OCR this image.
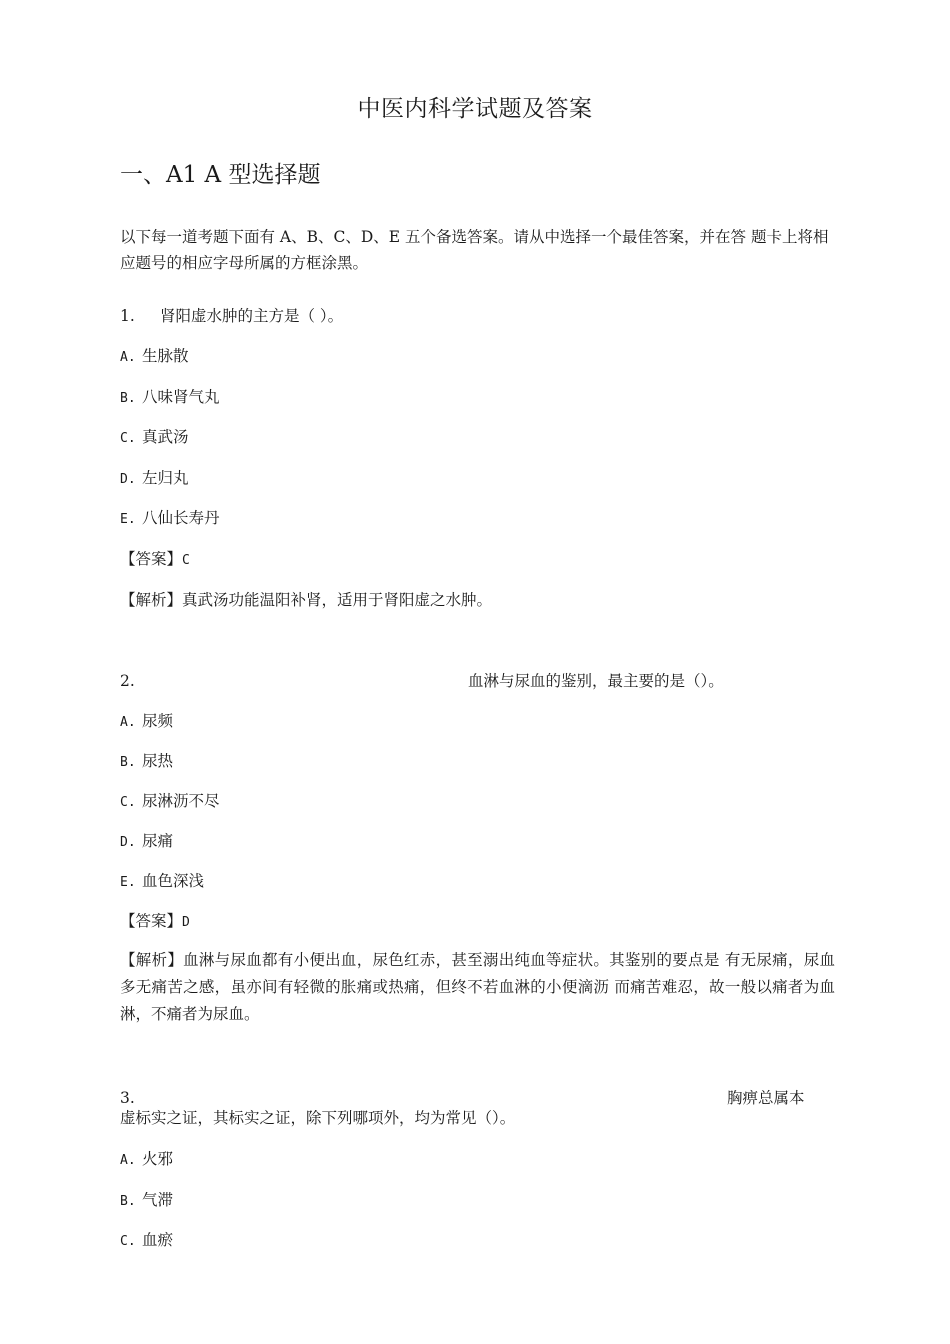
中医内科学试题及答案
一、A1 A 型选择题
以下每一道考题下面有 A、B、C、D、E 五个备选答案。请从中选择一个最佳答案，并在答 题卡上将相应题号的相应字母所属的方框涂黑。
1. 肾阳虚水肿的主方是（ ）。
A. 生脉散
B. 八味肾气丸
C. 真武汤
D. 左归丸
E. 八仙长寿丹
【答案】C
【解析】真武汤功能温阳补肾，适用于肾阳虚之水肿。
2.	血淋与尿血的鉴别，最主要的是（）。
A. 尿频
B. 尿热
C. 尿淋沥不尽
D. 尿痛
E. 血色深浅
【答案】D
【解析】血淋与尿血都有小便出血，尿色红赤，甚至溺出纯血等症状。其鉴别的要点是 有无尿痛，尿血多无痛苦之感，虽亦间有轻微的胀痛或热痛，但终不若血淋的小便滴沥 而痛苦难忍，故一般以痛者为血淋，不痛者为尿血。
3.	胸痹总属本
虚标实之证，其标实之证，除下列哪项外，均为常见（）。
A. 火邪
B. 气滞
C. 血瘀
